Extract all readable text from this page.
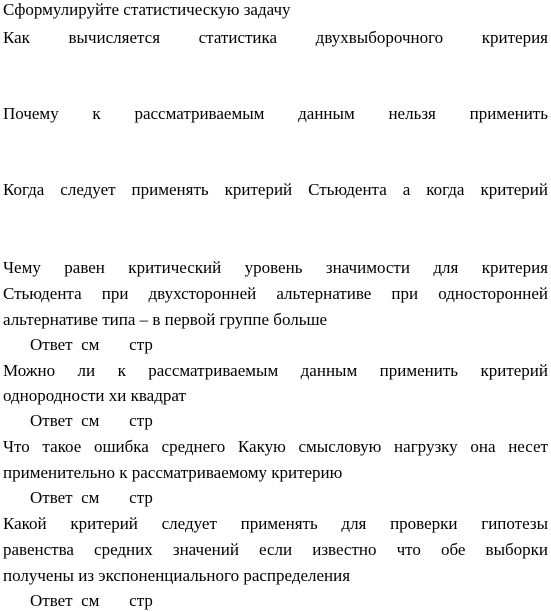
Сформулируйте статистическую задачу
Как вычисляется статистика двухвыборочного критерия
Почему к рассматриваемым данным нельзя применить
Когда следует применять критерий Стьюдента а когда критерий
Чему равен критический уровень значимости для критерия
Стьюдента при двухсторонней альтернативе при односторонней
альтернативе типа – в первой группе больше
Ответ  см       стр
Можно ли к рассматриваемым данным применить критерий
однородности хи квадрат
Ответ  см       стр
Что такое ошибка среднего Какую смысловую нагрузку она несет
применительно к рассматриваемому критерию
Ответ  см       стр
Какой критерий следует применять для проверки гипотезы
равенства средних значений если известно что обе выборки
получены из экспоненциального распределения
Ответ  см       стр
